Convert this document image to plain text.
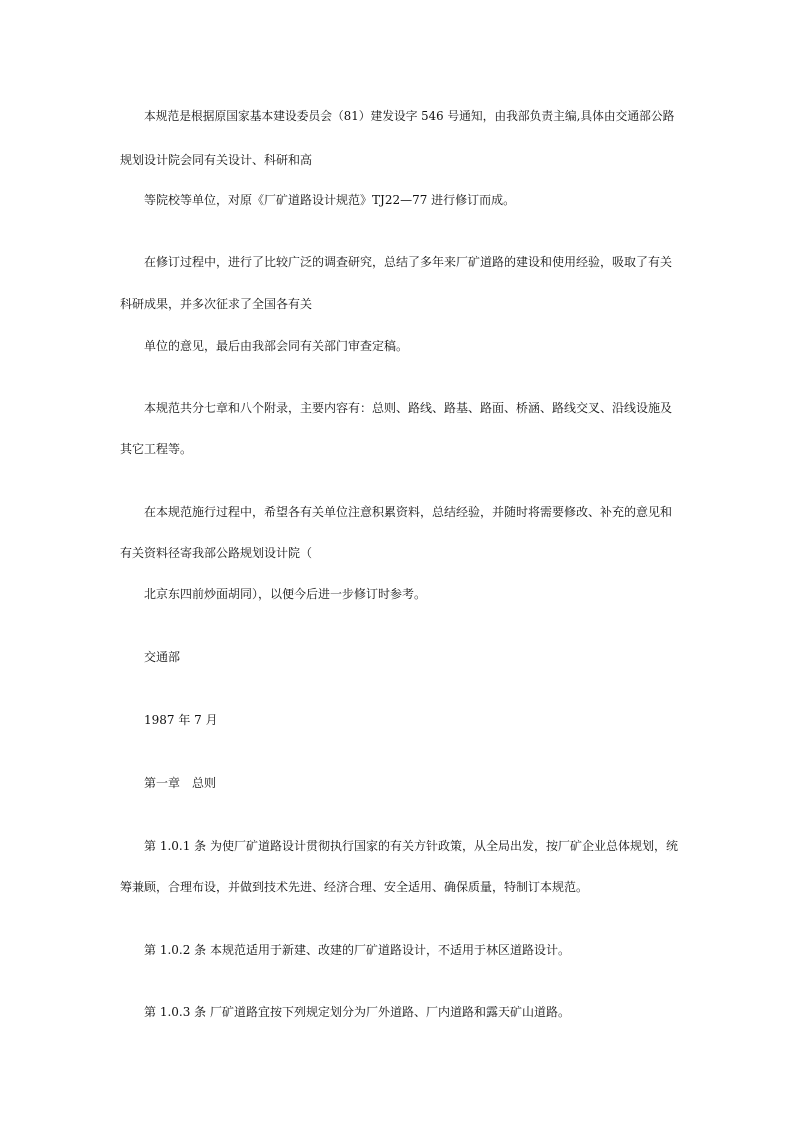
本规范是根据原国家基本建设委员会（81）建发设字 546 号通知，由我部负责主编,具体由交通部公路
规划设计院会同有关设计、科研和高
等院校等单位，对原《厂矿道路设计规范》TJ22—77 进行修订而成。
在修订过程中，进行了比较广泛的调查研究，总结了多年来厂矿道路的建设和使用经验，吸取了有关
科研成果，并多次征求了全国各有关
单位的意见，最后由我部会同有关部门审查定稿。
本规范共分七章和八个附录，主要内容有：总则、路线、路基、路面、桥涵、路线交叉、沿线设施及
其它工程等。
在本规范施行过程中，希望各有关单位注意积累资料，总结经验，并随时将需要修改、补充的意见和
有关资料径寄我部公路规划设计院（
北京东四前炒面胡同），以便今后进一步修订时参考。
交通部
1987 年 7 月
第一章　总则
第 1.0.1 条 为使厂矿道路设计贯彻执行国家的有关方针政策，从全局出发，按厂矿企业总体规划，统
筹兼顾，合理布设，并做到技术先进、经济合理、安全适用、确保质量，特制订本规范。
第 1.0.2 条 本规范适用于新建、改建的厂矿道路设计，不适用于林区道路设计。
第 1.0.3 条 厂矿道路宜按下列规定划分为厂外道路、厂内道路和露天矿山道路。
